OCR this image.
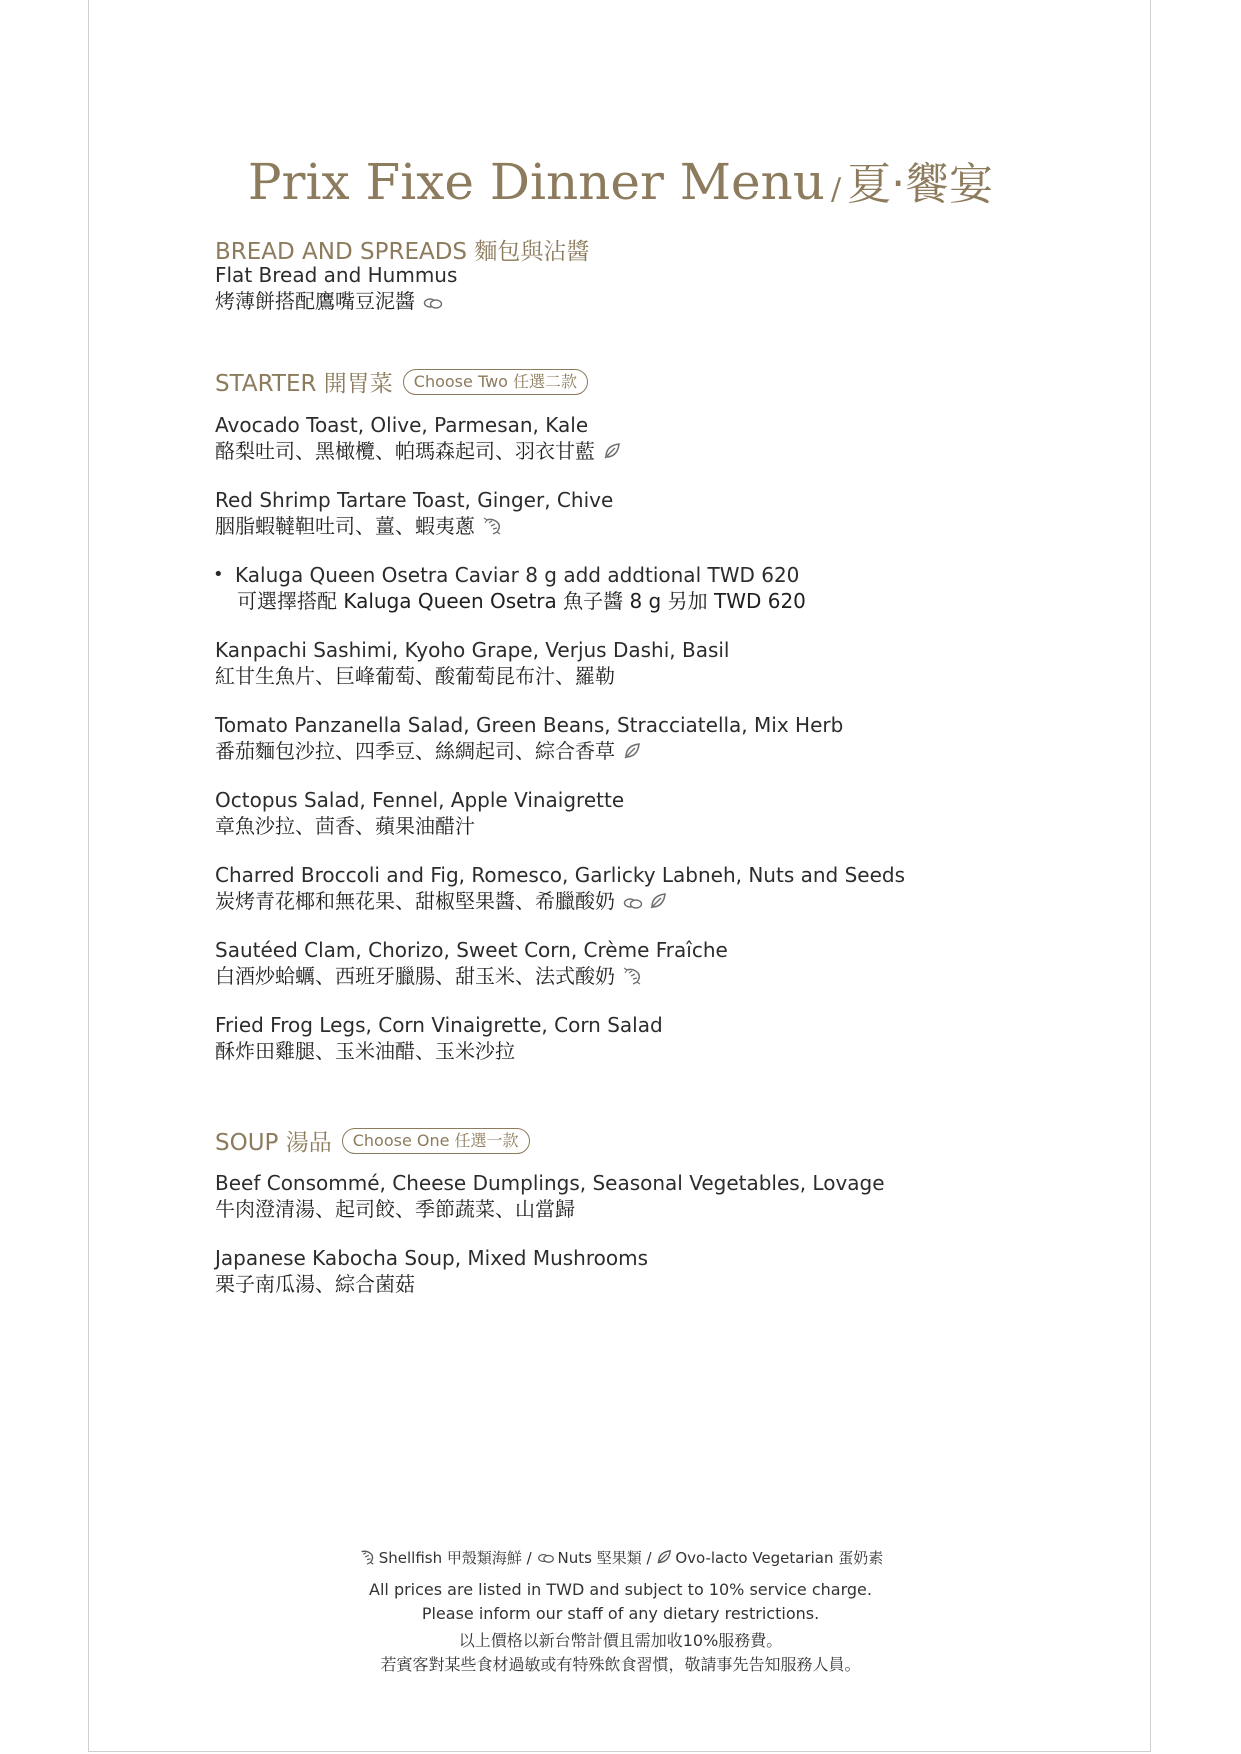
Prix Fixe Dinner Menu / 夏‧饗宴
BREAD AND SPREADS 麵包與沾醬
Flat Bread and Hummus
烤薄餅搭配鷹嘴豆泥醬
STARTER 開胃菜	Choose Two 任選二款
Avocado Toast, Olive, Parmesan, Kale
酪梨吐司、黑橄欖、帕瑪森起司、羽衣甘藍
Red Shrimp Tartare Toast, Ginger, Chive
胭脂蝦韃靼吐司、薑、蝦夷蔥
• Kaluga Queen Osetra Caviar 8 g add addtional TWD 620
可選擇搭配 Kaluga Queen Osetra 魚子醬 8 g 另加 TWD 620
Kanpachi Sashimi, Kyoho Grape, Verjus Dashi, Basil
紅甘生魚片、巨峰葡萄、酸葡萄昆布汁、羅勒
Tomato Panzanella Salad, Green Beans, Stracciatella, Mix Herb
番茄麵包沙拉、四季豆、絲綢起司、綜合香草
Octopus Salad, Fennel, Apple Vinaigrette
章魚沙拉、茴香、蘋果油醋汁
Charred Broccoli and Fig, Romesco, Garlicky Labneh, Nuts and Seeds
炭烤青花椰和無花果、甜椒堅果醬、希臘酸奶
Sautéed Clam, Chorizo, Sweet Corn, Crème Fraîche
白酒炒蛤蠣、西班牙臘腸、甜玉米、法式酸奶
Fried Frog Legs, Corn Vinaigrette, Corn Salad
酥炸田雞腿、玉米油醋、玉米沙拉
SOUP 湯品	Choose One 任選一款
Beef Consommé, Cheese Dumplings, Seasonal Vegetables, Lovage
牛肉澄清湯、起司餃、季節蔬菜、山當歸
Japanese Kabocha Soup, Mixed Mushrooms
栗子南瓜湯、綜合菌菇
Shellfish 甲殼類海鮮 / Nuts 堅果類 / Ovo-lacto Vegetarian 蛋奶素
All prices are listed in TWD and subject to 10% service charge.
Please inform our staff of any dietary restrictions.
以上價格以新台幣計價且需加收10%服務費。
若賓客對某些食材過敏或有特殊飲食習慣，敬請事先告知服務人員。
